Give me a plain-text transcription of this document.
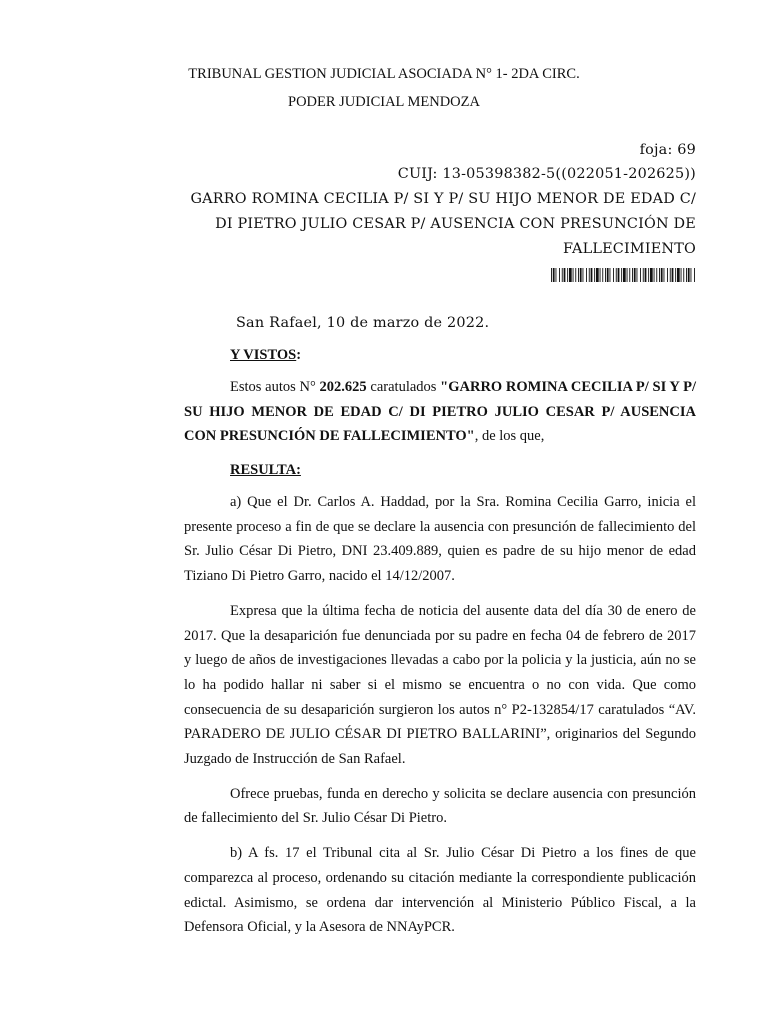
TRIBUNAL GESTION JUDICIAL ASOCIADA N° 1- 2DA CIRC.
PODER JUDICIAL MENDOZA
foja: 69
CUIJ: 13-05398382-5((022051-202625))
GARRO ROMINA CECILIA P/ SI Y P/ SU HIJO MENOR DE EDAD C/
DI PIETRO JULIO CESAR P/ AUSENCIA CON PRESUNCIÓN DE
FALLECIMIENTO
San Rafael, 10 de marzo de 2022.
Y VISTOS:
Estos autos N° 202.625 caratulados "GARRO ROMINA CECILIA P/ SI Y P/ SU HIJO MENOR DE EDAD C/ DI PIETRO JULIO CESAR P/ AUSENCIA CON PRESUNCIÓN DE FALLECIMIENTO", de los que,
RESULTA:

a) Que el Dr. Carlos A. Haddad, por la Sra. Romina Cecilia Garro, inicia el presente proceso a fin de que se declare la ausencia con presunción de fallecimiento del Sr. Julio César Di Pietro, DNI 23.409.889, quien es padre de su hijo menor de edad Tiziano Di Pietro Garro, nacido el 14/12/2007.

Expresa que la última fecha de noticia del ausente data del día 30 de enero de 2017. Que la desaparición fue denunciada por su padre en fecha 04 de febrero de 2017 y luego de años de investigaciones llevadas a cabo por la policia y la justicia, aún no se lo ha podido hallar ni saber si el mismo se encuentra o no con vida. Que como consecuencia de su desaparición surgieron los autos n° P2-132854/17 caratulados “AV. PARADERO DE JULIO CÉSAR DI PIETRO BALLARINI”, originarios del Segundo Juzgado de Instrucción de San Rafael.

Ofrece pruebas, funda en derecho y solicita se declare ausencia con presunción de fallecimiento del Sr. Julio César Di Pietro.

b) A fs. 17 el Tribunal cita al Sr. Julio César Di Pietro a los fines de que comparezca al proceso, ordenando su citación mediante la correspondiente publicación edictal. Asimismo, se ordena dar intervención al Ministerio Público Fiscal, a la Defensora Oficial, y la Asesora de NNAyPCR.
